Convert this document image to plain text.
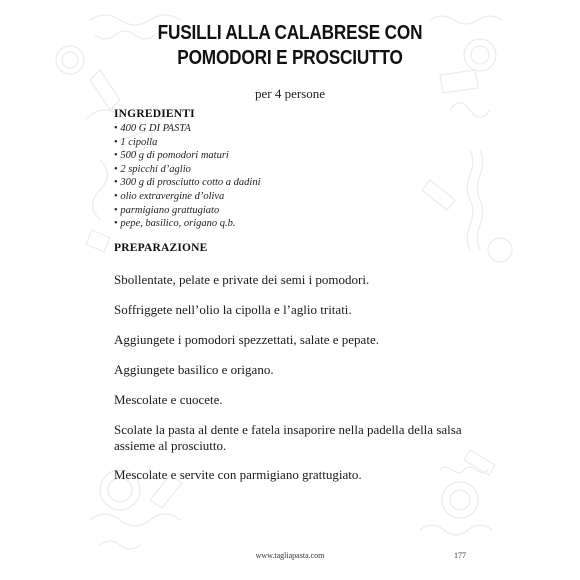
FUSILLI ALLA CALABRESE CON
POMODORI E PROSCIUTTO
per 4 persone
INGREDIENTI
• 400 G DI PASTA
• 1 cipolla
• 500 g di pomodori maturi
• 2 spicchi d’aglio
• 300 g di prosciutto cotto a dadini
• olio extravergine d’oliva
• parmigiano grattugiato
• pepe, basilico, origano q.b.
PREPARAZIONE
Sbollentate, pelate e private dei semi i pomodori.
Soffriggete nell’olio la cipolla e l’aglio tritati.
Aggiungete i pomodori spezzettati, salate e pepate.
Aggiungete basilico e origano.
Mescolate e cuocete.
Scolate la pasta al dente e fatela insaporire nella padella della salsa assieme al prosciutto.
Mescolate e servite con parmigiano grattugiato.
www.tagliapasta.com	177
